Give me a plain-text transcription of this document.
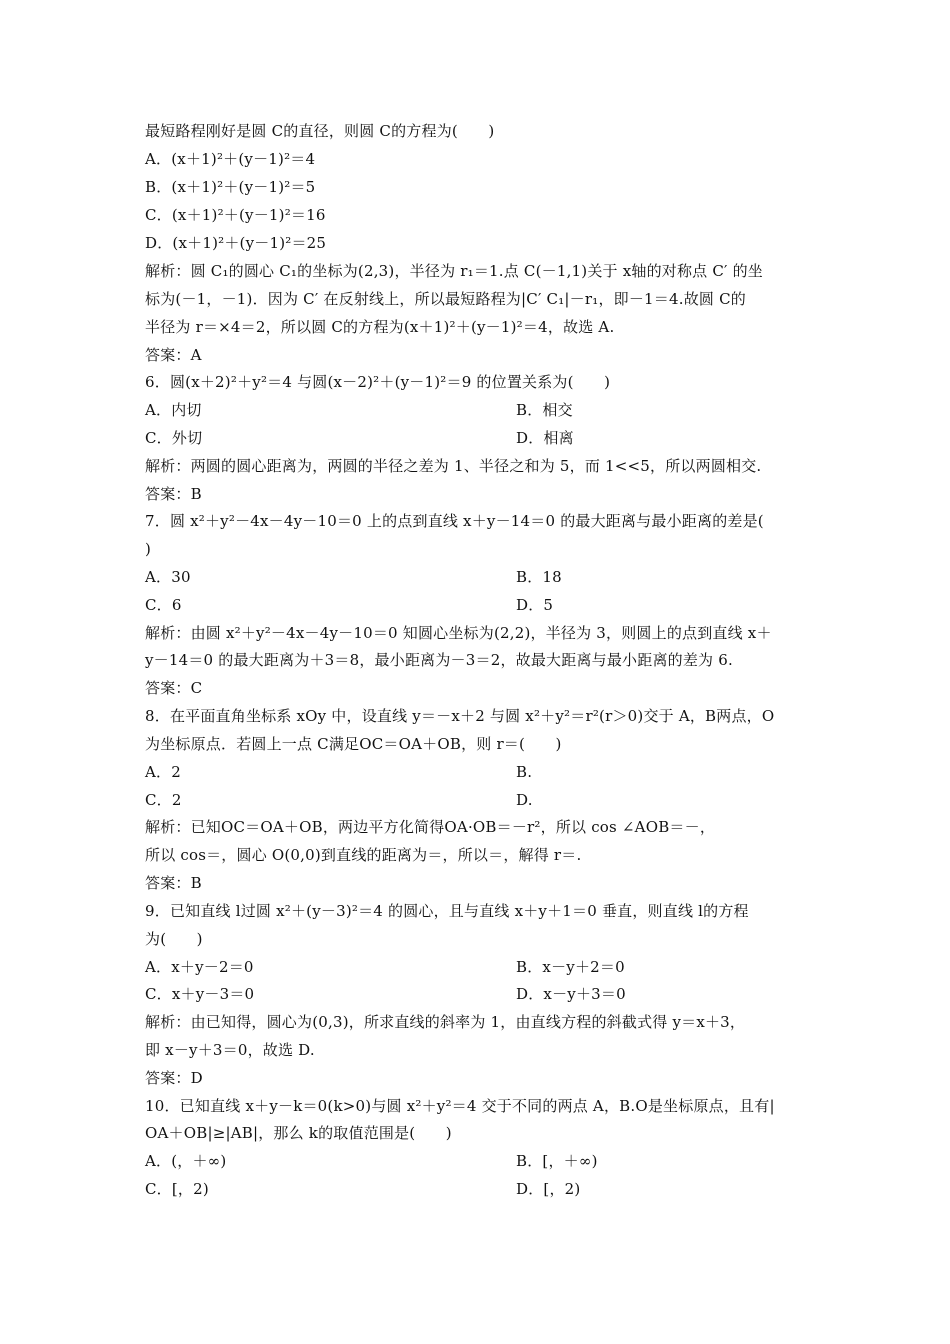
最短路程刚好是圆 C的直径，则圆 C的方程为(　　)
A．(x＋1)²＋(y－1)²＝4
B．(x＋1)²＋(y－1)²＝5
C．(x＋1)²＋(y－1)²＝16
D．(x＋1)²＋(y－1)²＝25
解析：圆 C₁的圆心 C₁的坐标为(2,3)，半径为 r₁＝1.点 C(－1,1)关于 x轴的对称点 C′ 的坐
标为(－1，－1)．因为 C′ 在反射线上，所以最短路程为|C′ C₁|－r₁，即－1＝4.故圆 C的
半径为 r＝×4＝2，所以圆 C的方程为(x＋1)²＋(y－1)²＝4，故选 A.
答案：A
6．圆(x＋2)²＋y²＝4 与圆(x－2)²＋(y－1)²＝9 的位置关系为(　　)
A．内切	B．相交
C．外切	D．相离
解析：两圆的圆心距离为，两圆的半径之差为 1、半径之和为 5，而 1<<5，所以两圆相交.
答案：B
7．圆 x²＋y²－4x－4y－10＝0 上的点到直线 x＋y－14＝0 的最大距离与最小距离的差是(
)
A．30	B．18
C．6	D．5
解析：由圆 x²＋y²－4x－4y－10＝0 知圆心坐标为(2,2)，半径为 3，则圆上的点到直线 x＋
y－14＝0 的最大距离为＋3＝8，最小距离为－3＝2，故最大距离与最小距离的差为 6.
答案：C
8．在平面直角坐标系 xOy 中，设直线 y＝－x＋2 与圆 x²＋y²＝r²(r＞0)交于 A，B两点，O
为坐标原点．若圆上一点 C满足OC＝OA＋OB，则 r＝(　　)
A．2	B.
C．2	D.
解析：已知OC＝OA＋OB，两边平方化简得OA·OB＝－r²，所以 cos ∠AOB＝－，
所以 cos＝，圆心 O(0,0)到直线的距离为＝，所以＝，解得 r＝.
答案：B
9．已知直线 l过圆 x²＋(y－3)²＝4 的圆心，且与直线 x＋y＋1＝0 垂直，则直线 l的方程
为(　　)
A．x＋y－2＝0	B．x－y＋2＝0
C．x＋y－3＝0	D．x－y＋3＝0
解析：由已知得，圆心为(0,3)，所求直线的斜率为 1，由直线方程的斜截式得 y＝x＋3，
即 x－y＋3＝0，故选 D.
答案：D
10．已知直线 x＋y－k＝0(k>0)与圆 x²＋y²＝4 交于不同的两点 A，B.O是坐标原点，且有|
OA＋OB|≥|AB|，那么 k的取值范围是(　　)
A．(，＋∞)	B．[，＋∞)
C．[，2)	D．[，2)
